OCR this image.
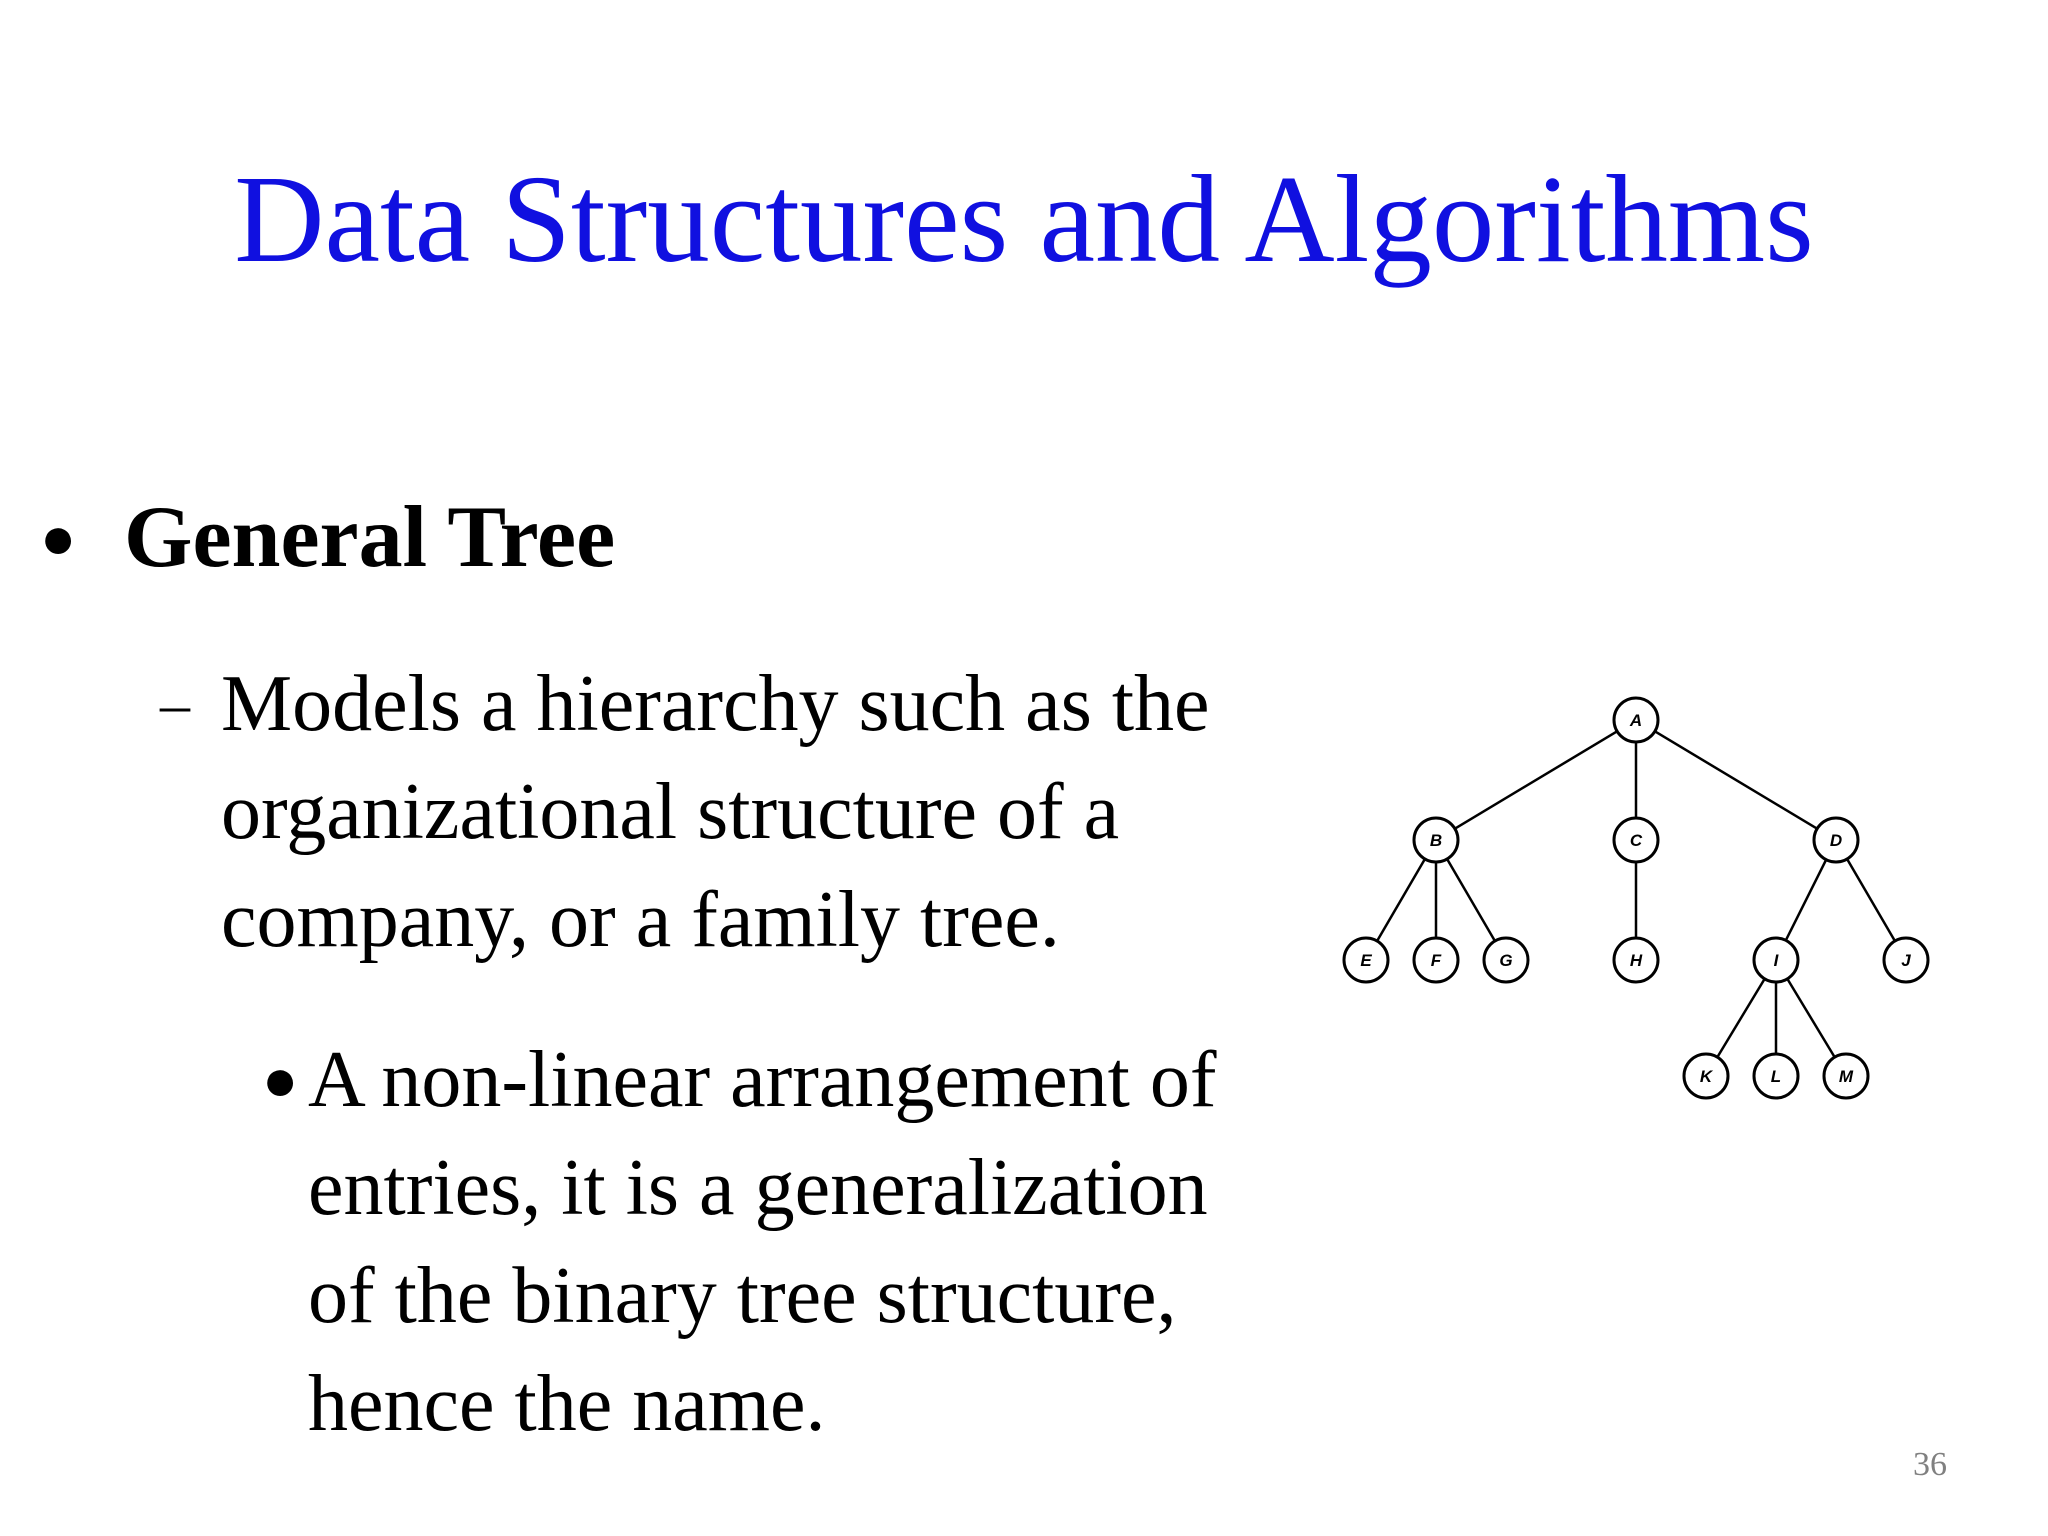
Data Structures and Algorithms
● General Tree
– Models a hierarchy such as the
organizational structure of a
company, or a family tree.
● A non-linear arrangement of
entries, it is a generalization
of the binary tree structure,
hence the name.
A
B	C	D
E	F	G	H	I	J
K	L	M
36
